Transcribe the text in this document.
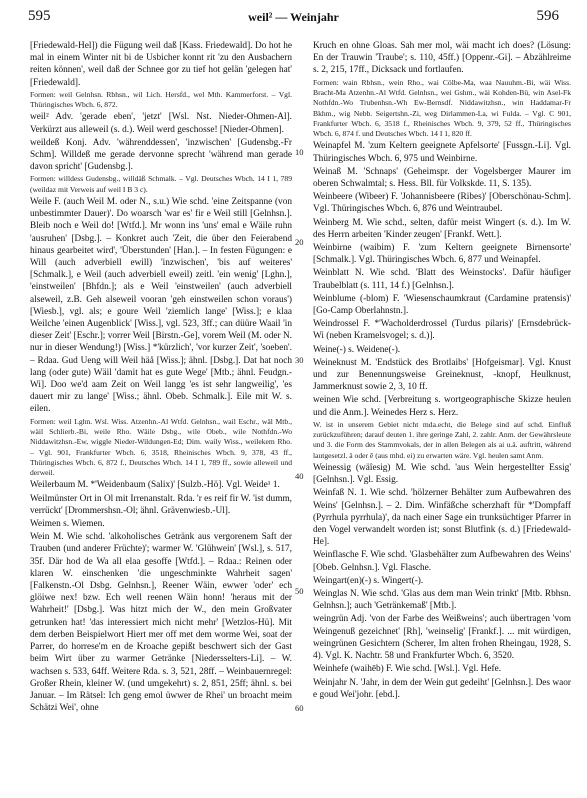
595	weil² — Weinjahr	596
10
20
30
40
50
60

[Friedewald-Hel]) die Fügung weil daß [Kass. Friedewald]. Do hot he mal in einem Winter nit bi de Usbicher konnt rit 'zu den Ausbachern reiten können', weil daß der Schnee gor zu tief hot gelän 'gelegen hat' [Friedewald].

Formen: weil Gelnhsn. Rbhsn., wil Lich. Hersfd., wel Mth. Kammerforst. – Vgl. Thüringisches Wbch. 6, 872.

weil² Adv. 'gerade eben', 'jetzt' [Wsl. Nst. Nieder-Ohmen-Al]. Verkürzt aus alleweil (s. d.). Weil werd geschosse! [Nieder-Ohmen].

weildeß Konj. Adv. 'währenddessen', 'inzwischen' [Gudensbg.-Fr Schm]. Willdeß me gerade dervonne sprecht 'während man gerade davon spricht' [Gudensbg.].

Formen: willdess Gudensbg., willdäß Schmalk. – Vgl. Deutsches Wbch. 14 I 1, 789 (weildaz mit Verweis auf weil I B 3 c).

Weile F. (auch Weil M. oder N., s.u.) Wie schd. 'eine Zeitspanne (von unbestimmter Dauer)'. Do woarsch 'war es' fir e Weil still [Gelnhsn.]. Bleib noch e Weil do! [Wtfd.]. Mr wonn ins 'uns' emal e Wäile ruhn 'ausruhen' [Dsbg.]. – Konkret auch 'Zeit, die über den Feierabend hinaus gearbeitet wird', 'Überstunden' [Han.]. – In festen Fügungen: e Will (auch adverbiell ewill) 'inzwischen', 'bis auf weiteres' [Schmalk.], e Weil (auch adverbiell eweil) zeitl. 'ein wenig' [Lghn.], 'einstweilen' [Bhfdn.]; als e Weil 'einstweilen' (auch adverbiell alseweil, z.B. Geh alseweil vooran 'geh einstweilen schon voraus') [Wiesb.], vgl. als; e goure Weil 'ziemlich lange' [Wiss.]; e klaa Weilche 'einen Augenblick' [Wiss.], vgl. 523, 3ff.; can düüre Waail 'in dieser Zeit' [Eschr.]; vorrer Weil [Birstn.-Ge], vorem Weil (M. oder N. nur in dieser Wendung!) [Wiss.] *'kürzlich', 'vor kurzer Zeit', 'soeben'. – Rdaa. Gud Ueng will Weil häå [Wiss.]; ähnl. [Dsbg.]. Dat hat noch lang (oder gute) Wäil 'damit hat es gute Wege' [Mtb.; ähnl. Feudgn.-Wi]. Doo we'd aam Zeit on Weil langg 'es ist sehr langweilig', 'es dauert mir zu lange' [Wiss.; ähnl. Obeb. Schmalk.]. Eile mit W. s. eilen.

Formen: weil Lghn. Wsl. Wiss. Atzenhn.-Al Wtfd. Gelnhsn., wail Eschr., wäl Mtb., wäil Schlierb.-Bi, weile Rho. Wäile Dsbg., wile Obeb., wile Nothfdn.-Wo Niddawitzhsn.-Ew, wiggle Nieder-Wildungen-Ed; Dim. waily Wiss., weilekem Rho. – Vgl. 901, Frankfurter Wbch. 6, 3518, Rheinisches Wbch. 9, 378, 43 ff., Thüringisches Wbch. 6, 872 f., Deutsches Wbch. 14 I 1, 789 ff., sowie alleweil und derweil.

Weilerbaum M. *'Weidenbaum (Salix)' [Sulzb.-Hö]. Vgl. Weide¹ 1.

Weilmünster Ort in Ol mit Irrenanstalt. Rda. 'r es reif fir W. 'ist dumm, verrückt' [Drommershsn.-Ol; ähnl. Grävenwiesb.-Ul].

Weimen s. Wiemen.

Wein M. Wie schd. 'alkoholisches Getränk aus vergorenem Saft der Trauben (und anderer Früchte)'; warmer W. 'Glühwein' [Wsl.], s. 517, 35f. Där hod de Wa all elaa gesoffe [Wtfd.]. – Rdaa.: Reinen oder klaren W. einschenken 'die ungeschminkte Wahrheit sagen' [Falkenstn.-Ol Dsbg. Gelnhsn.], Reener Wäin, ewwer 'oder' ech glöiwe nex! bzw. Ech well reenen Wäin honn! 'heraus mit der Wahrheit!' [Dsbg.]. Was hitzt mich der W., den mein Großvater getrunken hat! 'das interessiert mich nicht mehr' [Wetzlos-Hü]. Mit dem derben Beispielwort Hiert mer off met dem worme Wei, soat der Parrer, do horrese'm en de Kroache gepißt beschwert sich der Gast beim Wirt über zu warmer Getränke [Niedersselters-Li]. – W. wachsen s. 533, 64ff. Weitere Rda. s. 3, 521, 28ff. – Weinbauernregel: Großer Rhein, kleiner W. (und umgekehrt) s. 2, 851, 25ff; ähnl. s. bei Januar. – Im Rätsel: Ich geng emol üwwer de Rhei' un broacht meim Schätzi Wei', ohne

Kruch en ohne Gloas. Sah mer mol, wäi macht ich does? (Lösung: En der Trauwin 'Traube'; s. 110, 45ff.) [Oppenr.-Gi]. – Abzählreime s. 2, 215, 17ff., Dicksack und fortlaufen.

Formen: wain Rbhsn., wein Rho., wai Cölbe-Ma, waa Nauuhm.-Bi, wäi Wiss. Bracht-Ma Atzenhn.-Al Wtfd. Gelnhsn., wei Gshm., wäi Kohden-Bü, win Asel-Fk Nothfdn.-Wo Trubenhsn.-Wh Ew-Bernsdf. Niddawitzhsn., win Haddamar-Fr Bkhm., wig Nebb. Seigertshn.-Zi, weg Dirlammen-La, wi Fulda. – Vgl. C 901, Frankfurter Wbch. 6, 3518 f., Rheinisches Wbch. 9, 379, 52 ff., Thüringisches Wbch. 6, 874 f. und Deutsches Wbch. 14 I 1, 820 ff.

Weinapfel M. 'zum Keltern geeignete Apfelsorte' [Fussgn.-Li]. Vgl. Thüringisches Wbch. 6, 975 und Weinbirne.

Weinaß M. 'Schnaps' (Geheimspr. der Vogelsberger Maurer im oberen Schwalmtal; s. Hess. Bll. für Volkskde. 11, S. 135).

Weinbeere (Wibeer) F. 'Johannisbeere (Ribes)' [Oberschönau-Schm]. Vgl. Thüringisches Wbch. 6, 876 und Weintraubel.

Weinberg M. Wie schd., selten, dafür meist Wingert (s. d.). Im W. des Herrn arbeiten 'Kinder zeugen' [Frankf. Wett.].

Weinbirne (waibim) F. 'zum Keltern geeignete Birnensorte' [Schmalk.]. Vgl. Thüringisches Wbch. 6, 877 und Weinapfel.

Weinblatt N. Wie schd. 'Blatt des Weinstocks'. Dafür häufiger Traubelblatt (s. 111, 14 f.) [Gelnhsn.].

Weinblume (-blom) F. 'Wiesenschaumkraut (Cardamine pratensis)' [Go-Camp Oberlahnstn.].

Weindrossel F. *'Wacholderdrossel (Turdus pilaris)' [Ernsdebrück-Wi (neben Kramelsvogel; s. d.)].

Weine(-) s. Weidene(-).

Weineknust M. 'Endstück des Brotlaibs' [Hofgeismar]. Vgl. Knust und zur Benennungsweise Greineknust, -knopf, Heulknust, Jammerknust sowie 2, 3, 10 ff.

weinen Wie schd. [Verbreitung s. wortgeographische Skizze heulen und die Anm.]. Weinedes Herz s. Herz.

W. ist in unserem Gebiet nicht mda.echt, die Belege sind auf schd. Einfluß zurückzuführen; darauf deuten 1. ihre geringe Zahl, 2. zahlr. Anm. der Gewährsleute und 3. die Form des Stammvokals, der in allen Belegen als ai u.ä. auftritt, während lautgesetzl. ä oder ē (aus mhd. ei) zu erwarten wäre. Vgl. heulen samt Anm.

Weinessig (wäîesig) M. Wie schd. 'aus Wein hergestellter Essig' [Gelnhsn.]. Vgl. Essig.

Weinfaß N. 1. Wie schd. 'hölzerner Behälter zum Aufbewahren des Weins' [Gelnhsn.]. – 2. Dim. Winfäßche scherzhaft für *'Dompfaff (Pyrrhula pyrrhula)', da nach einer Sage ein trunksüchtiger Pfarrer in den Vogel verwandelt worden ist; sonst Blutfink (s. d.) [Friedewald-He].

Weinflasche F. Wie schd. 'Glasbehälter zum Aufbewahren des Weins' [Obeb. Gelnhsn.]. Vgl. Flasche.

Weingart(en)(-) s. Wingert(-).

Weinglas N. Wie schd. 'Glas aus dem man Wein trinkt' [Mtb. Rbhsn. Gelnhsn.]; auch 'Getränkemaß' [Mtb.].

weingrün Adj. 'von der Farbe des Weißweins'; auch übertragen 'vom Weingenuß gezeichnet' [Rh], 'weinselig' [Frankf.]. ... mit würdigen, weingrünen Gesichtern (Scherer, Im alten frohen Rheingau, 1928, S. 4). Vgl. K. Nachtr. 58 und Frankfurter Wbch. 6, 3520.

Weinhefe (waihēb) F. Wie schd. [Wsl.]. Vgl. Hefe.

Weinjahr N. 'Jahr, in dem der Wein gut gedeiht' [Gelnhsn.]. Des waor e goud Wei'johr. [ebd.].
